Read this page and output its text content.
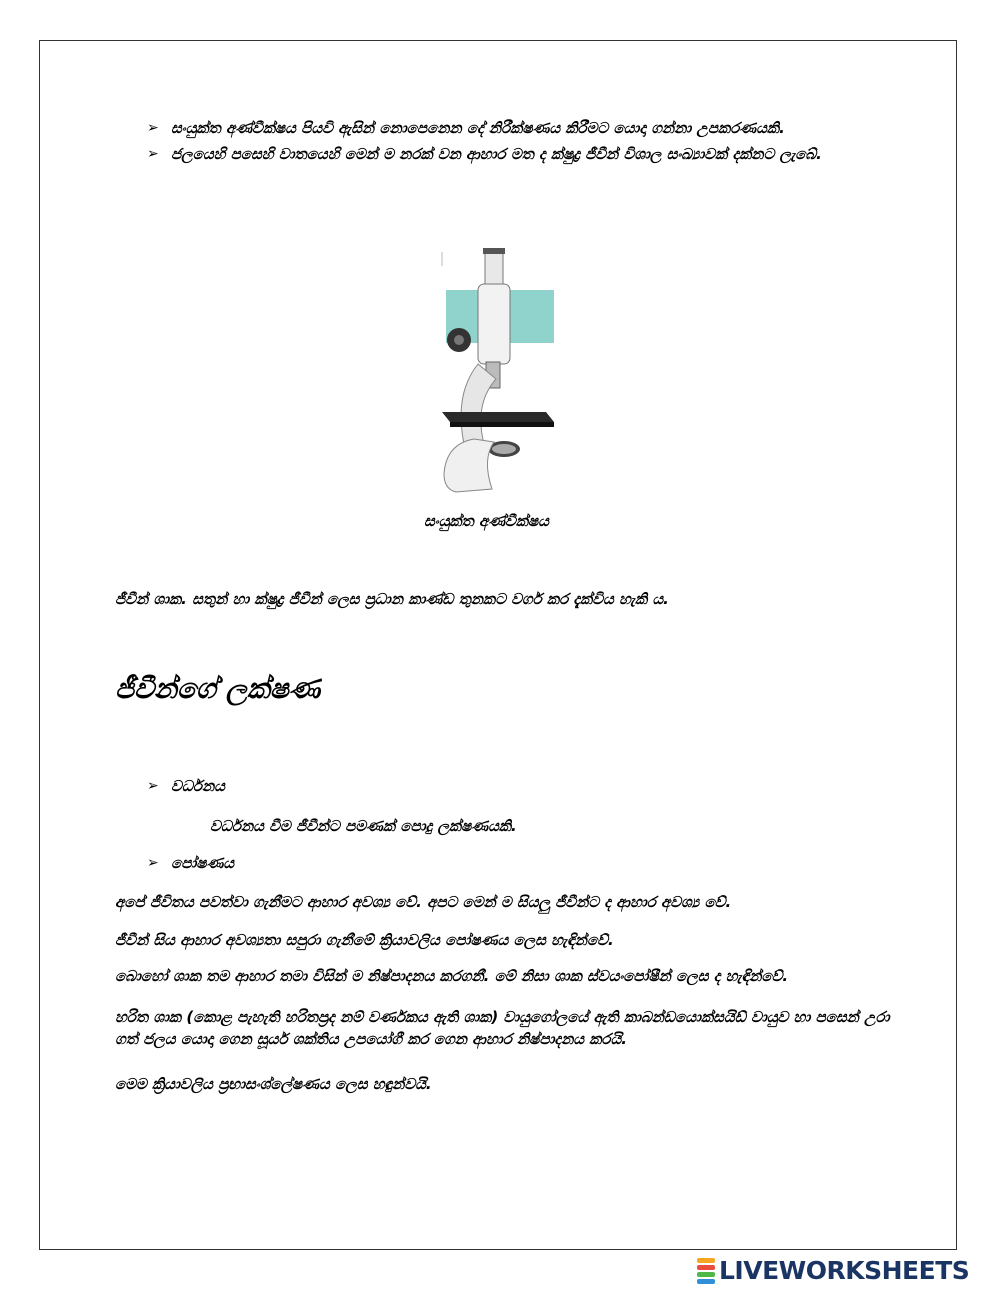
➢ සංයුක්ත අණ්වීක්ෂය පියවි ඇසින් නොපෙනෙන දේ නිරීක්ෂණය කිරීමට යොදා ගන්නා උපකරණයකි.
➢ ජලයෙහි පසෙහි වාතයෙහි මෙන් ම නරක් වන ආහාර මත ද ක්ෂුද්‍ර ජීවීන් විශාල සංඛ්‍යාවක් දක්නට ලැබේ.
සංයුක්ත අණ්වීක්ෂය
ජීවීන් ශාක. සතුන් හා ක්ෂුද්‍ර ජීවීන් ලෙස ප්‍රධාන කාණ්ඩ තුනකට වර්ග කර දැක්විය හැකි ය.
ජීවීන්ගේ ලක්ෂණ
➢ වර්ධනය
වර්ධනය වීම ජීවීන්ට පමණක් පොදු ලක්ෂණයකි.
➢ පෝෂණය
අපේ ජීවිතය පවත්වා ගැනීමට ආහාර අවශ්‍ය වේ. අපට මෙන් ම සියලු ජීවීන්ට ද ආහාර අවශ්‍ය වේ.
ජීවීන් සිය ආහාර අවශ්‍යතා සපුරා ගැනීමේ ක්‍රියාවලිය පෝෂණය ලෙස හැඳින්වේ.
බොහෝ ශාක තම ආහාර තමා විසින් ම නිෂ්පාදනය කරගනී. මේ නිසා ශාක ස්වයංපෝෂීන් ලෙස ද හැඳින්වේ.
හරිත ශාක (කොළ පැහැති හරිතප්‍රද නම් වර්ණකය ඇති ශාක) වායුගෝලයේ ඇති කාබන්ඩයොක්සයිඩ් වායුව හා පසෙන් උරා ගත් ජලය යොදා ගෙන සූර්ය ශක්තිය උපයෝගී කර ගෙන ආහාර නිෂ්පාදනය කරයි.
මෙම ක්‍රියාවලිය ප්‍රභාසංශ්ලේෂණය ලෙස හඳුන්වයි.
LIVEWORKSHEETS
